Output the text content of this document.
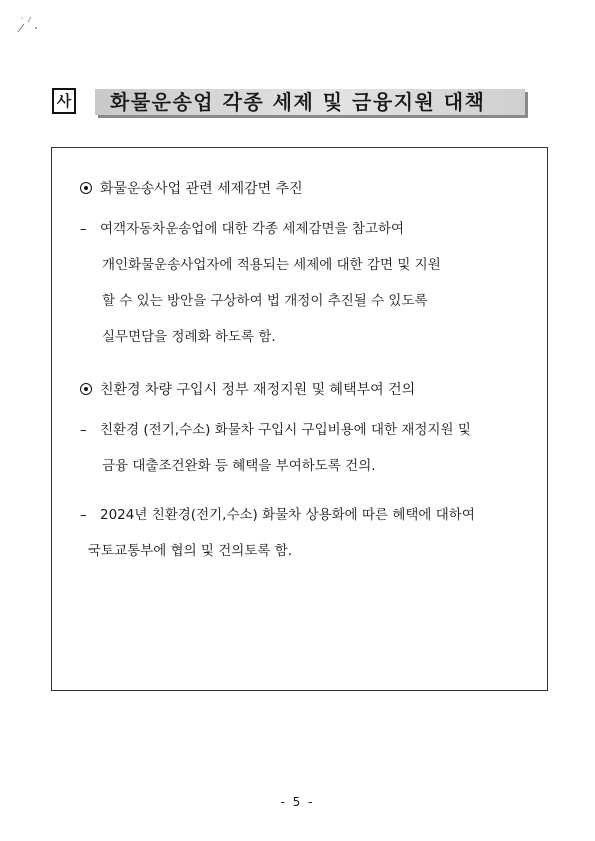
사 화물운송업 각종 세제 및 금융지원 대책
화물운송사업 관련 세제감면 추진
– 여객자동차운송업에 대한 각종 세제감면을 참고하여
개인화물운송사업자에 적용되는 세제에 대한 감면 및 지원
할 수 있는 방안을 구상하여 법 개정이 추진될 수 있도록
실무면담을 정례화 하도록 함.
친환경 차량 구입시 정부 재정지원 및 혜택부여 건의
– 친환경 (전기,수소) 화물차 구입시 구입비용에 대한 재정지원 및
금융 대출조건완화 등 혜택을 부여하도록 건의.
– 2024년 친환경(전기,수소) 화물차 상용화에 따른 혜택에 대하여
국토교통부에 협의 및 건의토록 함.
- 5 -
